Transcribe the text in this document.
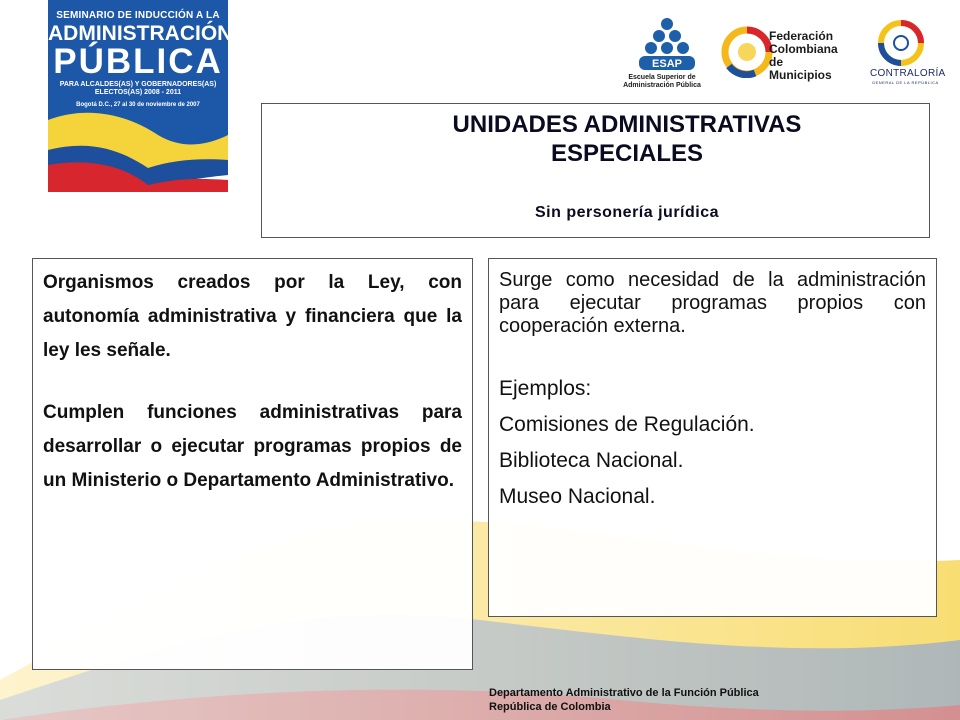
SEMINARIO DE INDUCCIÓN A LA
ADMINISTRACIÓN
PÚBLICA
PARA ALCALDES(AS) Y GOBERNADORES(AS)
ELECTOS(AS) 2008 - 2011
Bogotá D.C., 27 al 30 de noviembre de 2007
ESAP
Escuela Superior de
Administración Pública
Federación
Colombiana
de Municipios	CONTRALORÍA
GENERAL DE LA REPÚBLICA
UNIDADES ADMINISTRATIVAS ESPECIALES
Sin personería jurídica

Organismos creados por la Ley, con autonomía administrativa y financiera que la ley les señale.

Cumplen funciones administrativas para desarrollar o ejecutar programas propios de un Ministerio o Departamento Administrativo.

Surge como necesidad de la administración para ejecutar programas propios con cooperación externa.

Ejemplos:
Comisiones de Regulación.
Biblioteca Nacional.
Museo Nacional.
Departamento Administrativo de la Función Pública
República de Colombia
